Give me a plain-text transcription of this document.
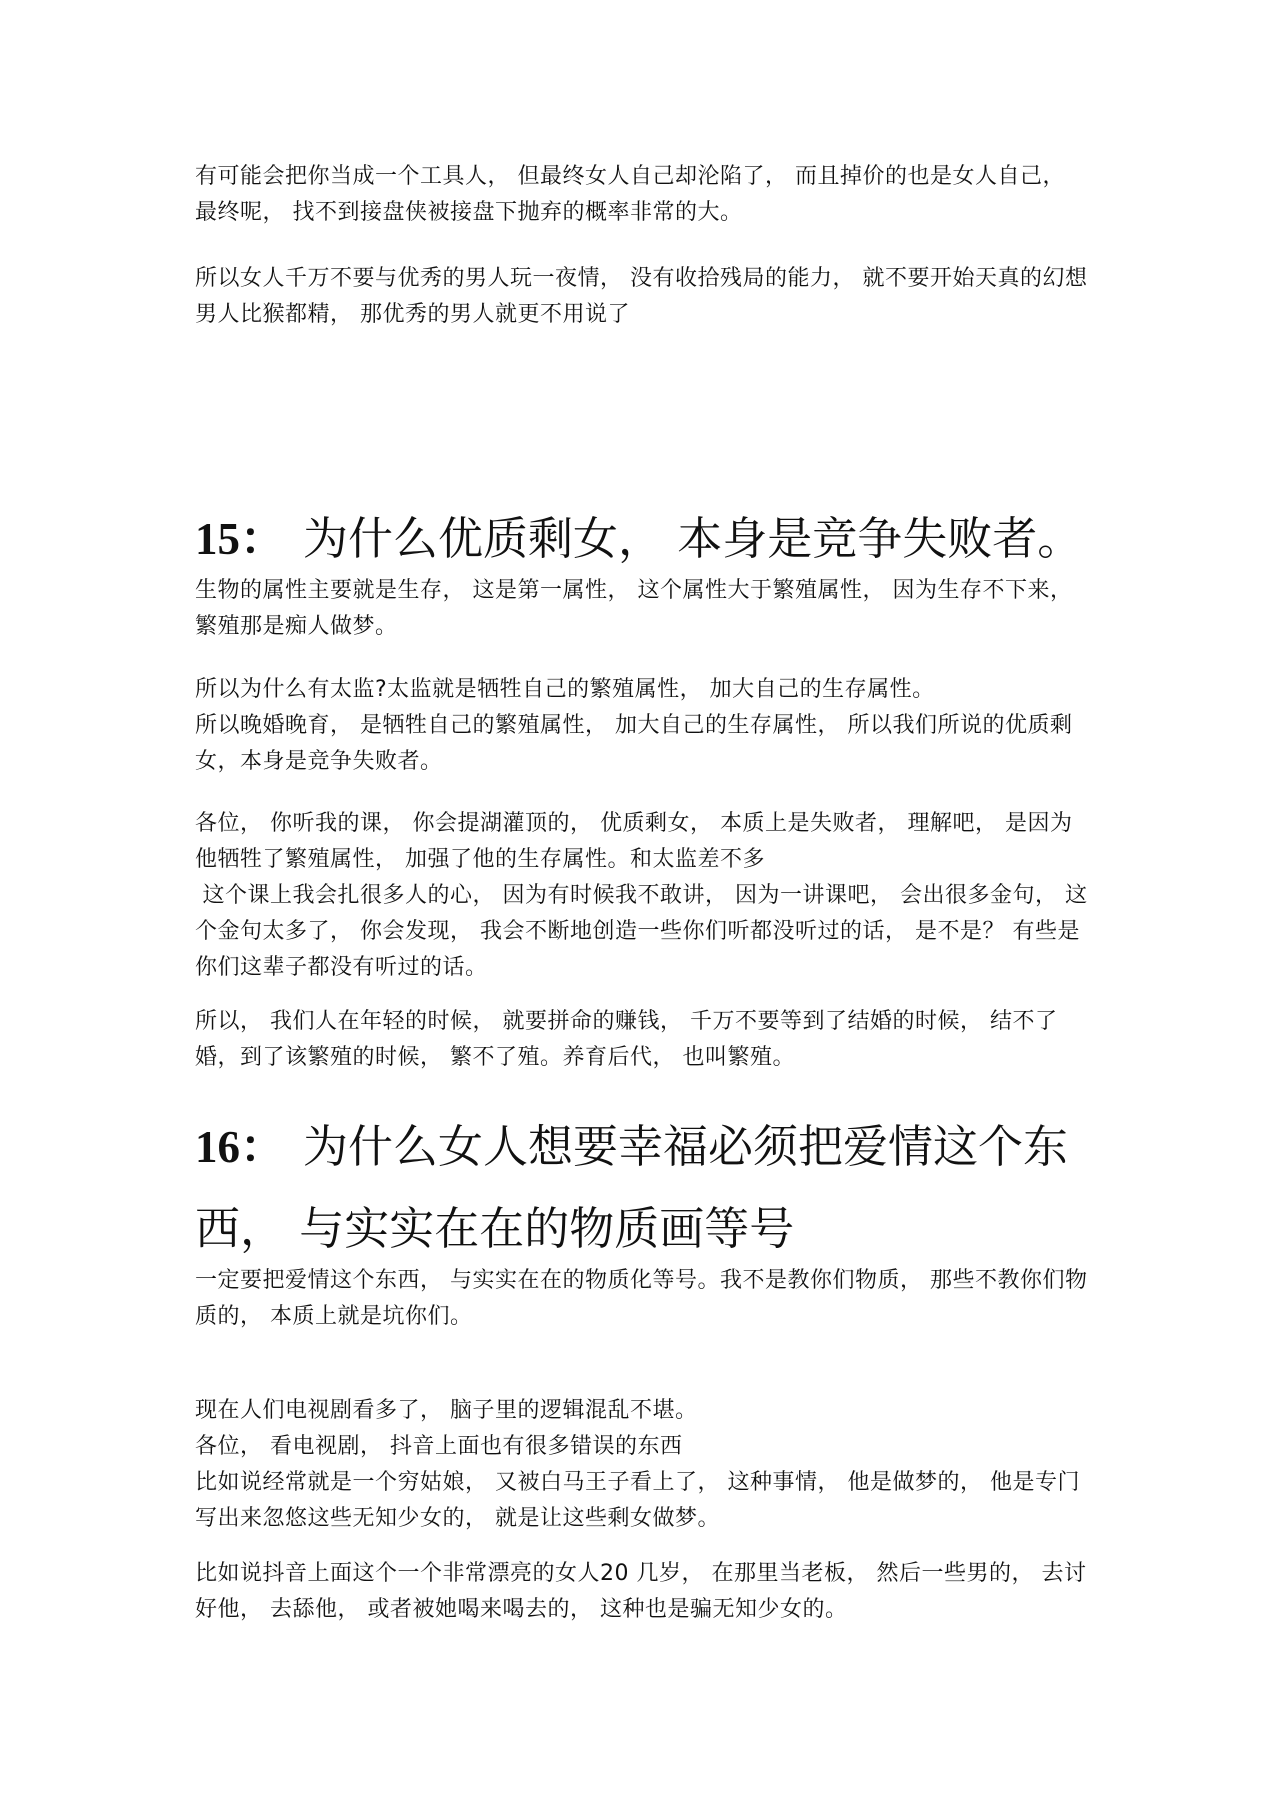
有可能会把你当成一个工具人， 但最终女人自己却沦陷了， 而且掉价的也是女人自己， 最终呢， 找不到接盘侠被接盘下抛弃的概率非常的大。

所以女人千万不要与优秀的男人玩一夜情， 没有收拾残局的能力， 就不要开始天真的幻想男人比猴都精， 那优秀的男人就更不用说了

15： 为什么优质剩女， 本身是竞争失败者。

生物的属性主要就是生存， 这是第一属性， 这个属性大于繁殖属性， 因为生存不下来， 繁殖那是痴人做梦。

所以为什么有太监?太监就是牺牲自己的繁殖属性， 加大自己的生存属性。

所以晚婚晚育， 是牺牲自己的繁殖属性， 加大自己的生存属性， 所以我们所说的优质剩女，本身是竞争失败者。

各位， 你听我的课， 你会提湖灌顶的， 优质剩女， 本质上是失败者， 理解吧， 是因为他牺牲了繁殖属性， 加强了他的生存属性。和太监差不多

这个课上我会扎很多人的心， 因为有时候我不敢讲， 因为一讲课吧， 会出很多金句， 这个金句太多了， 你会发现， 我会不断地创造一些你们听都没听过的话， 是不是？ 有些是你们这辈子都没有听过的话。

所以， 我们人在年轻的时候， 就要拼命的赚钱， 千万不要等到了结婚的时候， 结不了婚，到了该繁殖的时候， 繁不了殖。养育后代， 也叫繁殖。

16： 为什么女人想要幸福必须把爱情这个东

西， 与实实在在的物质画等号

一定要把爱情这个东西， 与实实在在的物质化等号。我不是教你们物质， 那些不教你们物质的， 本质上就是坑你们。

现在人们电视剧看多了， 脑子里的逻辑混乱不堪。

各位， 看电视剧， 抖音上面也有很多错误的东西

比如说经常就是一个穷姑娘， 又被白马王子看上了， 这种事情， 他是做梦的， 他是专门写出来忽悠这些无知少女的， 就是让这些剩女做梦。

比如说抖音上面这个一个非常漂亮的女人20 几岁， 在那里当老板， 然后一些男的， 去讨好他， 去舔他， 或者被她喝来喝去的， 这种也是骗无知少女的。
